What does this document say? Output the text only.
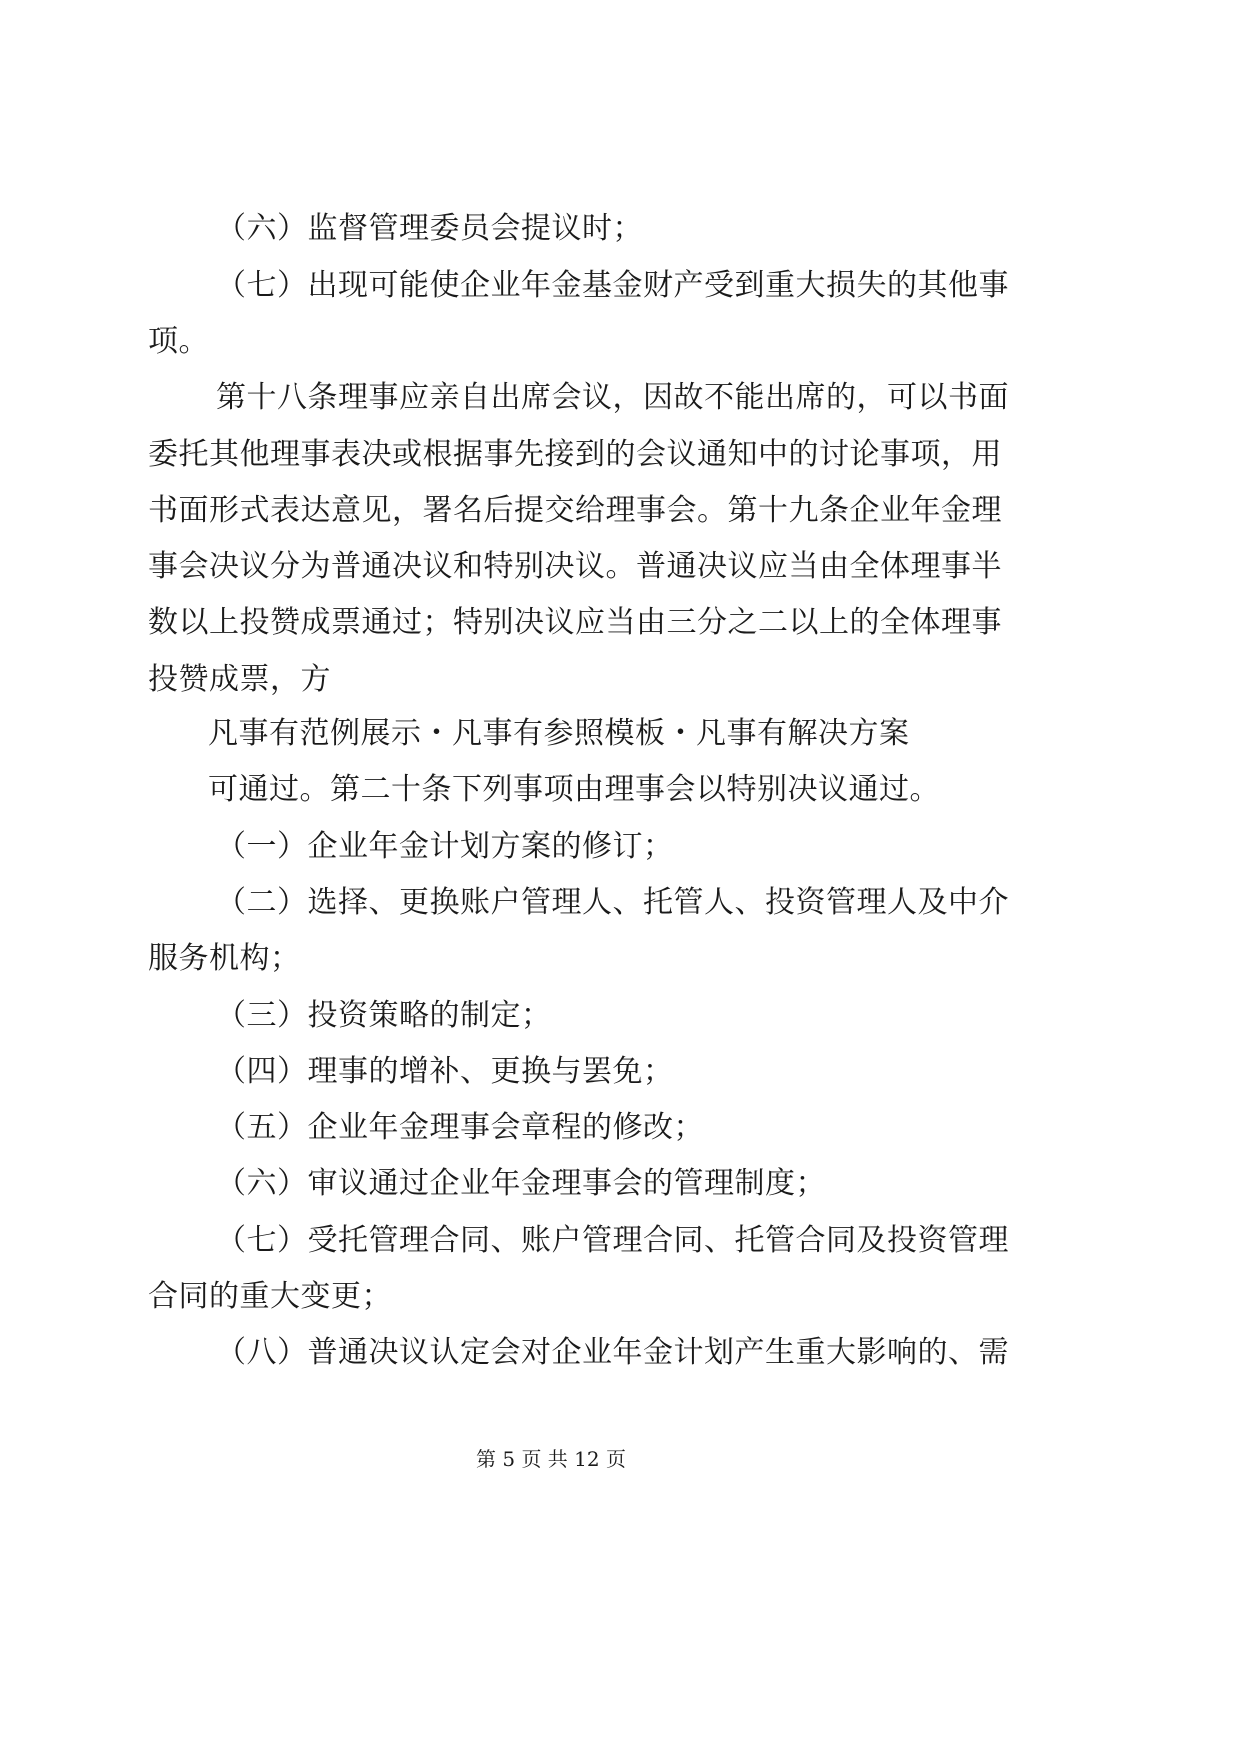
（六）监督管理委员会提议时；
（七）出现可能使企业年金基金财产受到重大损失的其他事
项。
第十八条理事应亲自出席会议，因故不能出席的，可以书面
委托其他理事表决或根据事先接到的会议通知中的讨论事项，用
书面形式表达意见，署名后提交给理事会。第十九条企业年金理
事会决议分为普通决议和特别决议。普通决议应当由全体理事半
数以上投赞成票通过；特别决议应当由三分之二以上的全体理事
投赞成票，方
凡事有范例展示・凡事有参照模板・凡事有解决方案
可通过。第二十条下列事项由理事会以特别决议通过。
（一）企业年金计划方案的修订；
（二）选择、更换账户管理人、托管人、投资管理人及中介
服务机构；
（三）投资策略的制定；
（四）理事的增补、更换与罢免；
（五）企业年金理事会章程的修改；
（六）审议通过企业年金理事会的管理制度；
（七）受托管理合同、账户管理合同、托管合同及投资管理
合同的重大变更；
（八）普通决议认定会对企业年金计划产生重大影响的、需
第 5 页 共 12 页
